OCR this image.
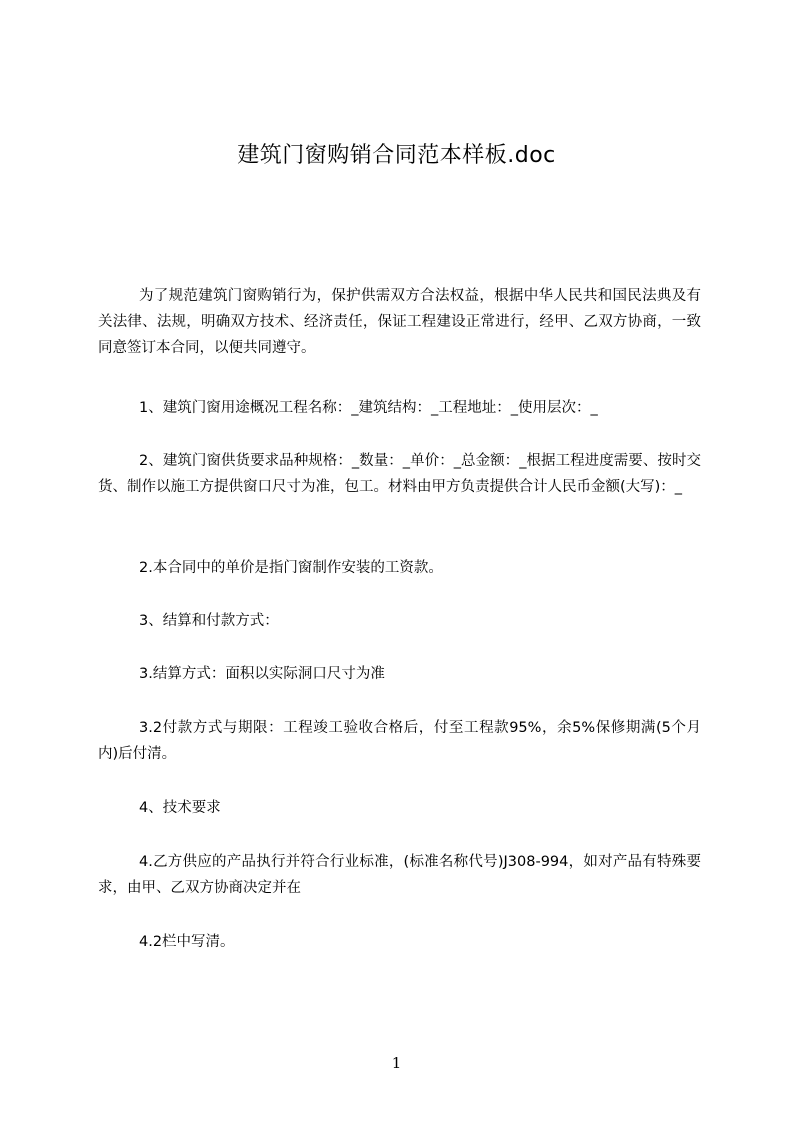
建筑门窗购销合同范本样板.doc

为了规范建筑门窗购销行为，保护供需双方合法权益，根据中华人民共和国民法典及有关法律、法规，明确双方技术、经济责任，保证工程建设正常进行，经甲、乙双方协商，一致同意签订本合同，以便共同遵守。

1、建筑门窗用途概况工程名称：_建筑结构：_工程地址：_使用层次：_

2、建筑门窗供货要求品种规格：_数量：_单价：_总金额：_根据工程进度需要、按时交货、制作以施工方提供窗口尺寸为准，包工。材料由甲方负责提供合计人民币金额(大写)：_

2.本合同中的单价是指门窗制作安装的工资款。

3、结算和付款方式：

3.结算方式：面积以实际洞口尺寸为准

3.2付款方式与期限：工程竣工验收合格后，付至工程款95%，余5%保修期满(5个月内)后付清。

4、技术要求

4.乙方供应的产品执行并符合行业标准，(标准名称代号)J308-994，如对产品有特殊要求，由甲、乙双方协商决定并在

4.2栏中写清。

1
